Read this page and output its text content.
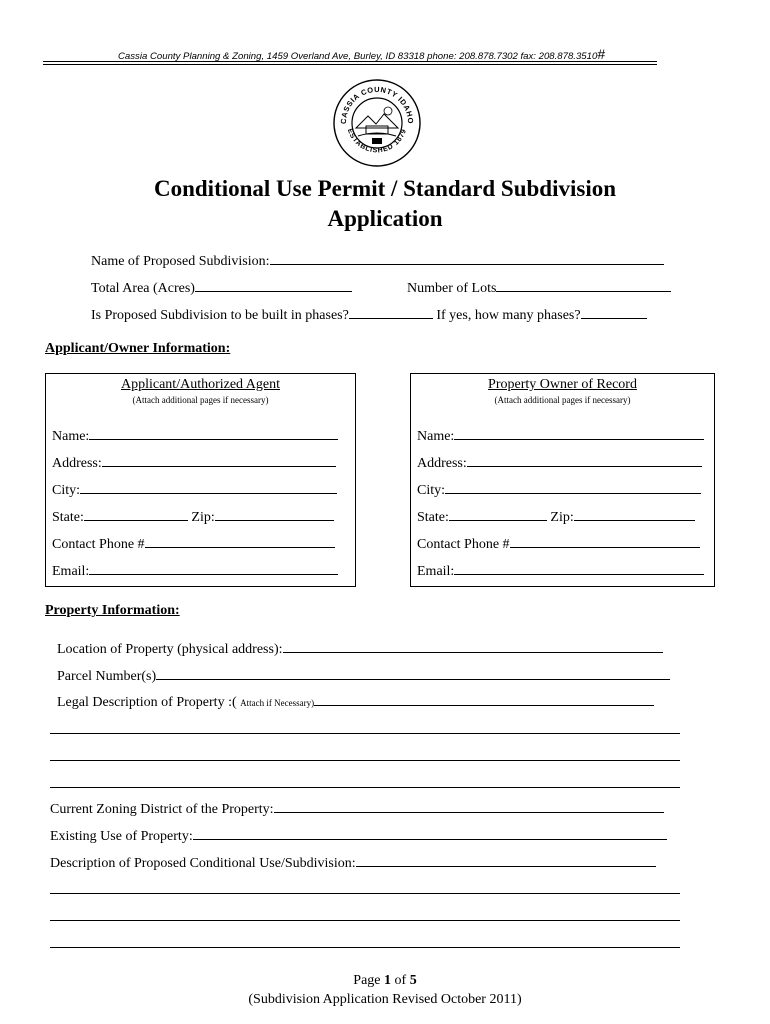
Cassia County Planning & Zoning, 1459 Overland Ave, Burley, ID 83318 phone: 208.878.7302 fax: 208.878.3510#
CASSIA COUNTY IDAHO
ESTABLISHED 1879
Conditional Use Permit / Standard Subdivision
Application
Name of Proposed Subdivision:
Total Area (Acres)	Number of Lots
Is Proposed Subdivision to be built in phases?	If yes, how many phases?
Applicant/Owner Information:
Applicant/Authorized Agent
(Attach additional pages if necessary)
Name:
Address:
City:
State:	Zip:
Contact Phone #
Email:
Property Owner of Record
(Attach additional pages if necessary)
Name:
Address:
City:
State:	Zip:
Contact Phone #
Email:
Property Information:
Location of Property (physical address):
Parcel Number(s)
Legal Description of Property :( Attach if Necessary)
Current Zoning District of the Property:
Existing Use of Property:
Description of Proposed Conditional Use/Subdivision:
Page 1 of 5
(Subdivision Application Revised October 2011)
